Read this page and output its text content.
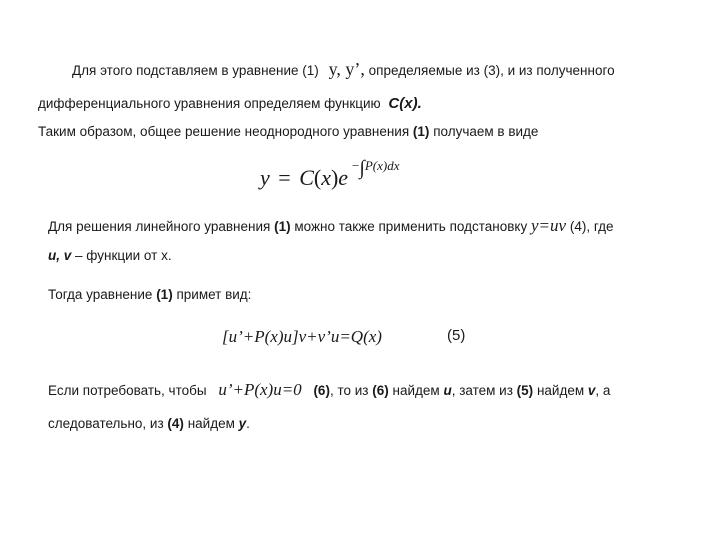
Для этого подставляем в уравнение (1) y, y’, определяемые из (3), и из полученного
дифференциального уравнения определяем функцию C(x).
Таким образом, общее решение неоднородного уравнения (1) получаем в виде
y = C(x)e −∫P(x)dx
Для решения линейного уравнения (1) можно также применить подстановку y=uv (4), где
u, v – функции от x.
Тогда уравнение (1) примет вид:
[u’+P(x)u]v+v’u=Q(x)	(5)
Если потребовать, чтобы u’+P(x)u=0 (6), то из (6) найдем u, затем из (5) найдем v, а
следовательно, из (4) найдем y.
